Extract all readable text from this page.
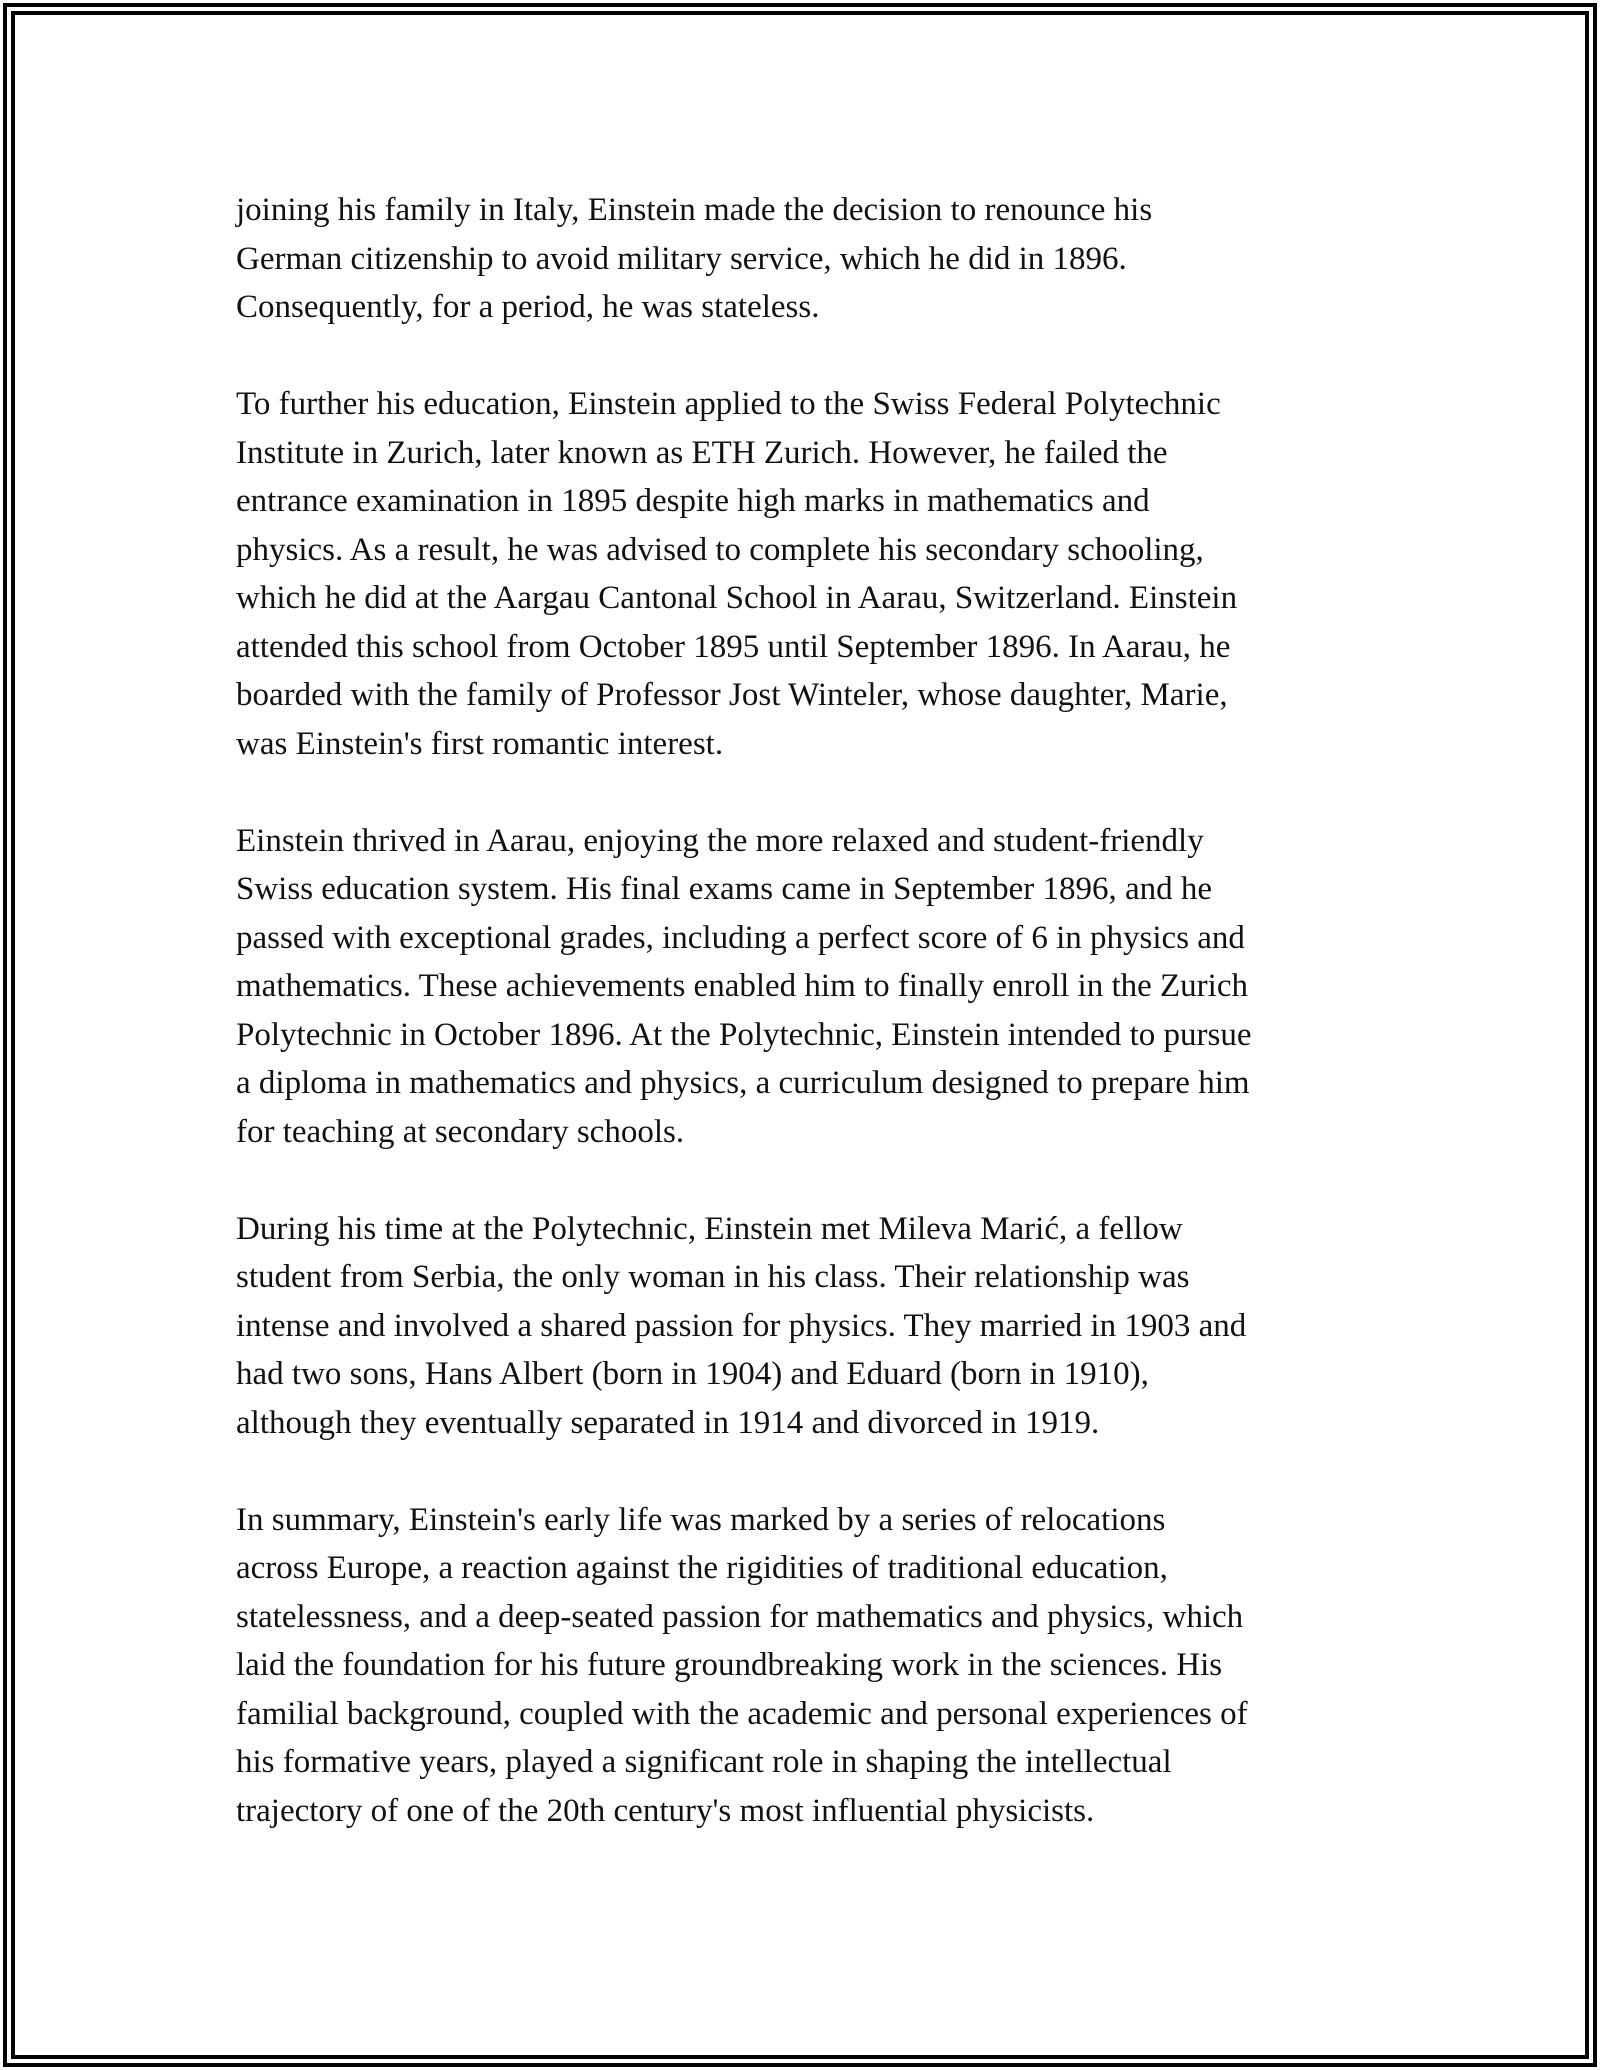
joining his family in Italy, Einstein made the decision to renounce his
German citizenship to avoid military service, which he did in 1896.
Consequently, for a period, he was stateless.

To further his education, Einstein applied to the Swiss Federal Polytechnic
Institute in Zurich, later known as ETH Zurich. However, he failed the
entrance examination in 1895 despite high marks in mathematics and
physics. As a result, he was advised to complete his secondary schooling,
which he did at the Aargau Cantonal School in Aarau, Switzerland. Einstein
attended this school from October 1895 until September 1896. In Aarau, he
boarded with the family of Professor Jost Winteler, whose daughter, Marie,
was Einstein's first romantic interest.

Einstein thrived in Aarau, enjoying the more relaxed and student-friendly
Swiss education system. His final exams came in September 1896, and he
passed with exceptional grades, including a perfect score of 6 in physics and
mathematics. These achievements enabled him to finally enroll in the Zurich
Polytechnic in October 1896. At the Polytechnic, Einstein intended to pursue
a diploma in mathematics and physics, a curriculum designed to prepare him
for teaching at secondary schools.

During his time at the Polytechnic, Einstein met Mileva Marić, a fellow
student from Serbia, the only woman in his class. Their relationship was
intense and involved a shared passion for physics. They married in 1903 and
had two sons, Hans Albert (born in 1904) and Eduard (born in 1910),
although they eventually separated in 1914 and divorced in 1919.

In summary, Einstein's early life was marked by a series of relocations
across Europe, a reaction against the rigidities of traditional education,
statelessness, and a deep-seated passion for mathematics and physics, which
laid the foundation for his future groundbreaking work in the sciences. His
familial background, coupled with the academic and personal experiences of
his formative years, played a significant role in shaping the intellectual
trajectory of one of the 20th century's most influential physicists.
